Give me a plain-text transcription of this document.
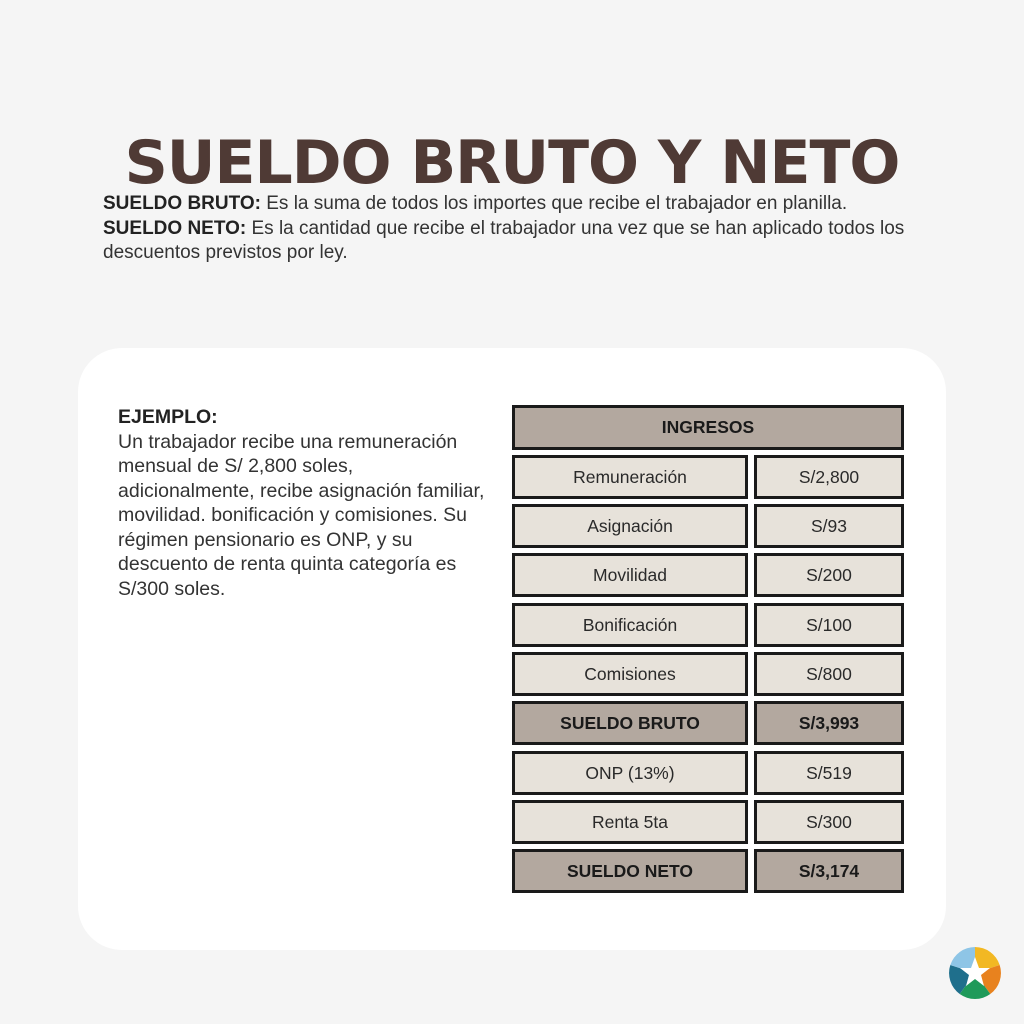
SUELDO BRUTO Y NETO
SUELDO BRUTO: Es la suma de todos los importes que recibe el trabajador en planilla.
SUELDO NETO: Es la cantidad que recibe el trabajador una vez que se han aplicado todos los descuentos previstos por ley.
EJEMPLO:
Un trabajador recibe una remuneración mensual de S/ 2,800 soles, adicionalmente, recibe asignación familiar, movilidad. bonificación y comisiones. Su régimen pensionario es ONP, y su descuento de renta quinta categoría es S/300 soles.
INGRESOS
Remuneración	S/2,800
Asignación	S/93
Movilidad	S/200
Bonificación	S/100
Comisiones	S/800
SUELDO BRUTO	S/3,993
ONP (13%)	S/519
Renta 5ta	S/300
SUELDO NETO	S/3,174
